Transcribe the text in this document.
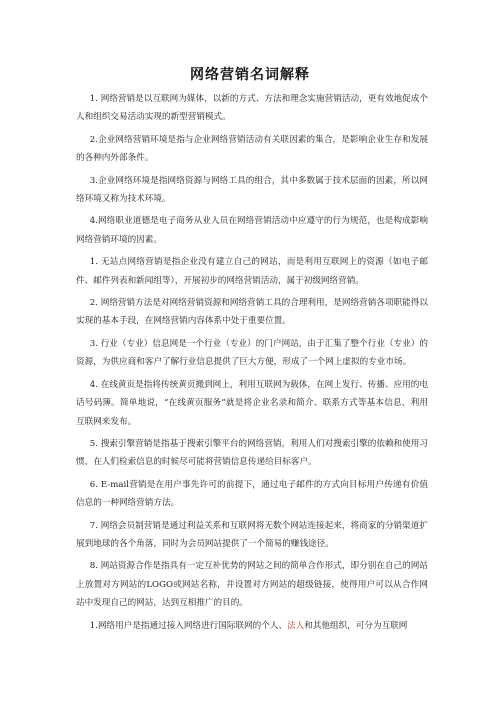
网络营销名词解释

1. 网络营销是以互联网为媒体，以新的方式、方法和理念实施营销活动，更有效地促成个人和组织交易活动实现的新型营销模式。

2.企业网络营销环境是指与企业网络营销活动有关联因素的集合，是影响企业生存和发展的各种内外部条件。

3.企业网络环境是指网络资源与网络工具的组合，其中多数属于技术层面的因素，所以网络环境又称为技术环境。

4.网络职业道德是电子商务从业人员在网络营销活动中应遵守的行为规范，也是构成影响网络营销环境的因素。

1. 无站点网络营销是指企业没有建立自己的网站，而是利用互联网上的资源（如电子邮件、邮件列表和新闻组等），开展初步的网络营销活动，属于初级网络营销。

2. 网络营销方法是对网络营销资源和网络营销工具的合理利用，是网络营销各项职能得以实现的基本手段，在网络营销内容体系中处于重要位置。

3. 行业（专业）信息网是一个行业（专业）的门户网站，由于汇集了整个行业（专业）的资源，为供应商和客户了解行业信息提供了巨大方便，形成了一个网上虚拟的专业市场。

4. 在线黄页是指将传统黄页搬到网上，利用互联网为载体，在网上发行、传播、应用的电话号码簿。简单地说，“在线黄页服务”就是将企业名录和简介、联系方式等基本信息，利用互联网来发布。

5. 搜索引擎营销是指基于搜索引擎平台的网络营销，利用人们对搜索引擎的依赖和使用习惯，在人们检索信息的时候尽可能将营销信息传递给目标客户。

6. E-mail营销是在用户事先许可的前提下，通过电子邮件的方式向目标用户传递有价值信息的一种网络营销方法。

7. 网络会员制营销是通过利益关系和互联网将无数个网站连接起来，将商家的分销渠道扩展到地球的各个角落，同时为会员网站提供了一个简易的赚钱途径。

8. 网站资源合作是指具有一定互补优势的网站之间的简单合作形式，即分别在自己的网站上放置对方网站的LOGO或网站名称，并设置对方网站的超级链接，使得用户可以从合作网站中发现自己的网站，达到互相推广的目的。

1.网络用户是指通过接入网络进行国际联网的个人、法人和其他组织，可分为互联网
